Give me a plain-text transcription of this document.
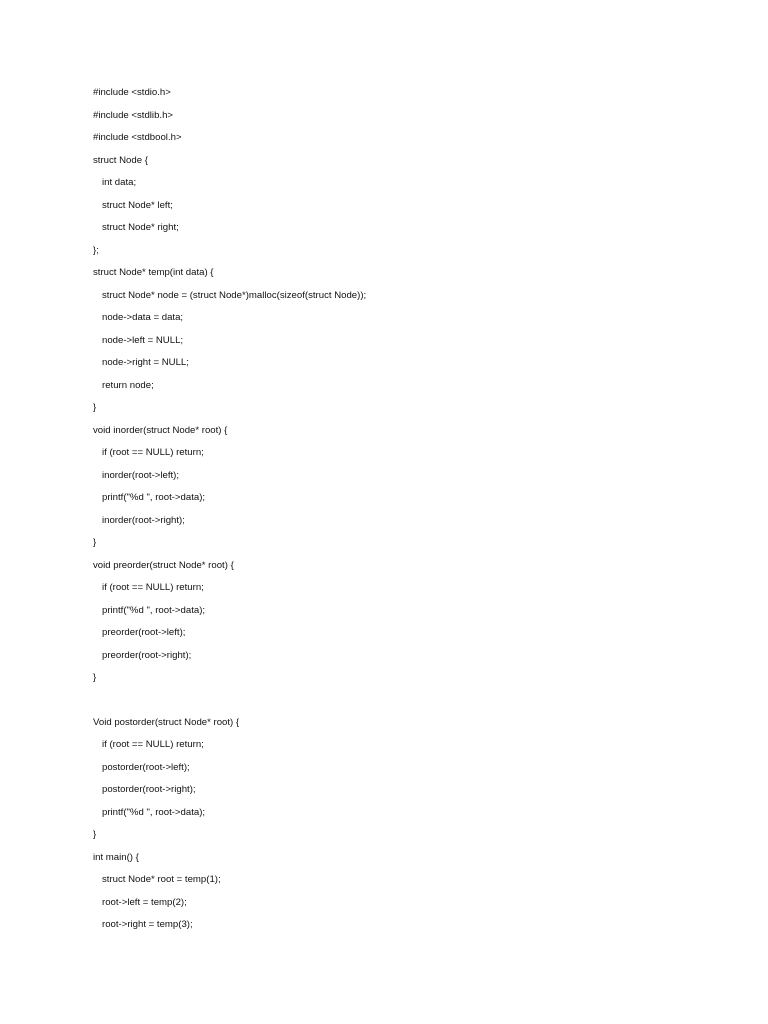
#include <stdio.h>
#include <stdlib.h>
#include <stdbool.h>
struct Node {
int data;
struct Node* left;
struct Node* right;
};
struct Node* temp(int data) {
struct Node* node = (struct Node*)malloc(sizeof(struct Node));
node->data = data;
node->left = NULL;
node->right = NULL;
return node;
}
void inorder(struct Node* root) {
if (root == NULL) return;
inorder(root->left);
printf("%d ", root->data);
inorder(root->right);
}
void preorder(struct Node* root) {
if (root == NULL) return;
printf("%d ", root->data);
preorder(root->left);
preorder(root->right);
}
Void postorder(struct Node* root) {
if (root == NULL) return;
postorder(root->left);
postorder(root->right);
printf("%d ", root->data);
}
int main() {
struct Node* root = temp(1);
root->left = temp(2);
root->right = temp(3);
